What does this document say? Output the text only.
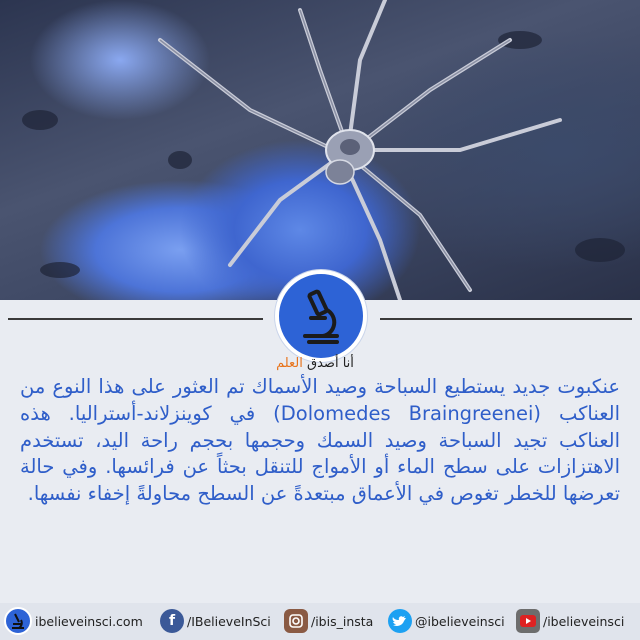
أنا أصدق العلم
عنكبوت جديد يستطيع السباحة وصيد الأسماك تم العثور على هذا النوع من العناكب (Dolomedes Braingreenei) في كوينزلاند-أستراليا. هذه العناكب تجيد السباحة وصيد السمك وحجمها بحجم راحة اليد، تستخدم الاهتزازات على سطح الماء أو الأمواج للتنقل بحثاً عن فرائسها. وفي حالة تعرضها للخطر تغوص في الأعماق مبتعدةً عن السطح محاولةً إخفاء نفسها.
ibelieveinsci.com	f /IBelieveInSci	/ibis_insta	@ibelieveinsci	/ibelieveinsci
